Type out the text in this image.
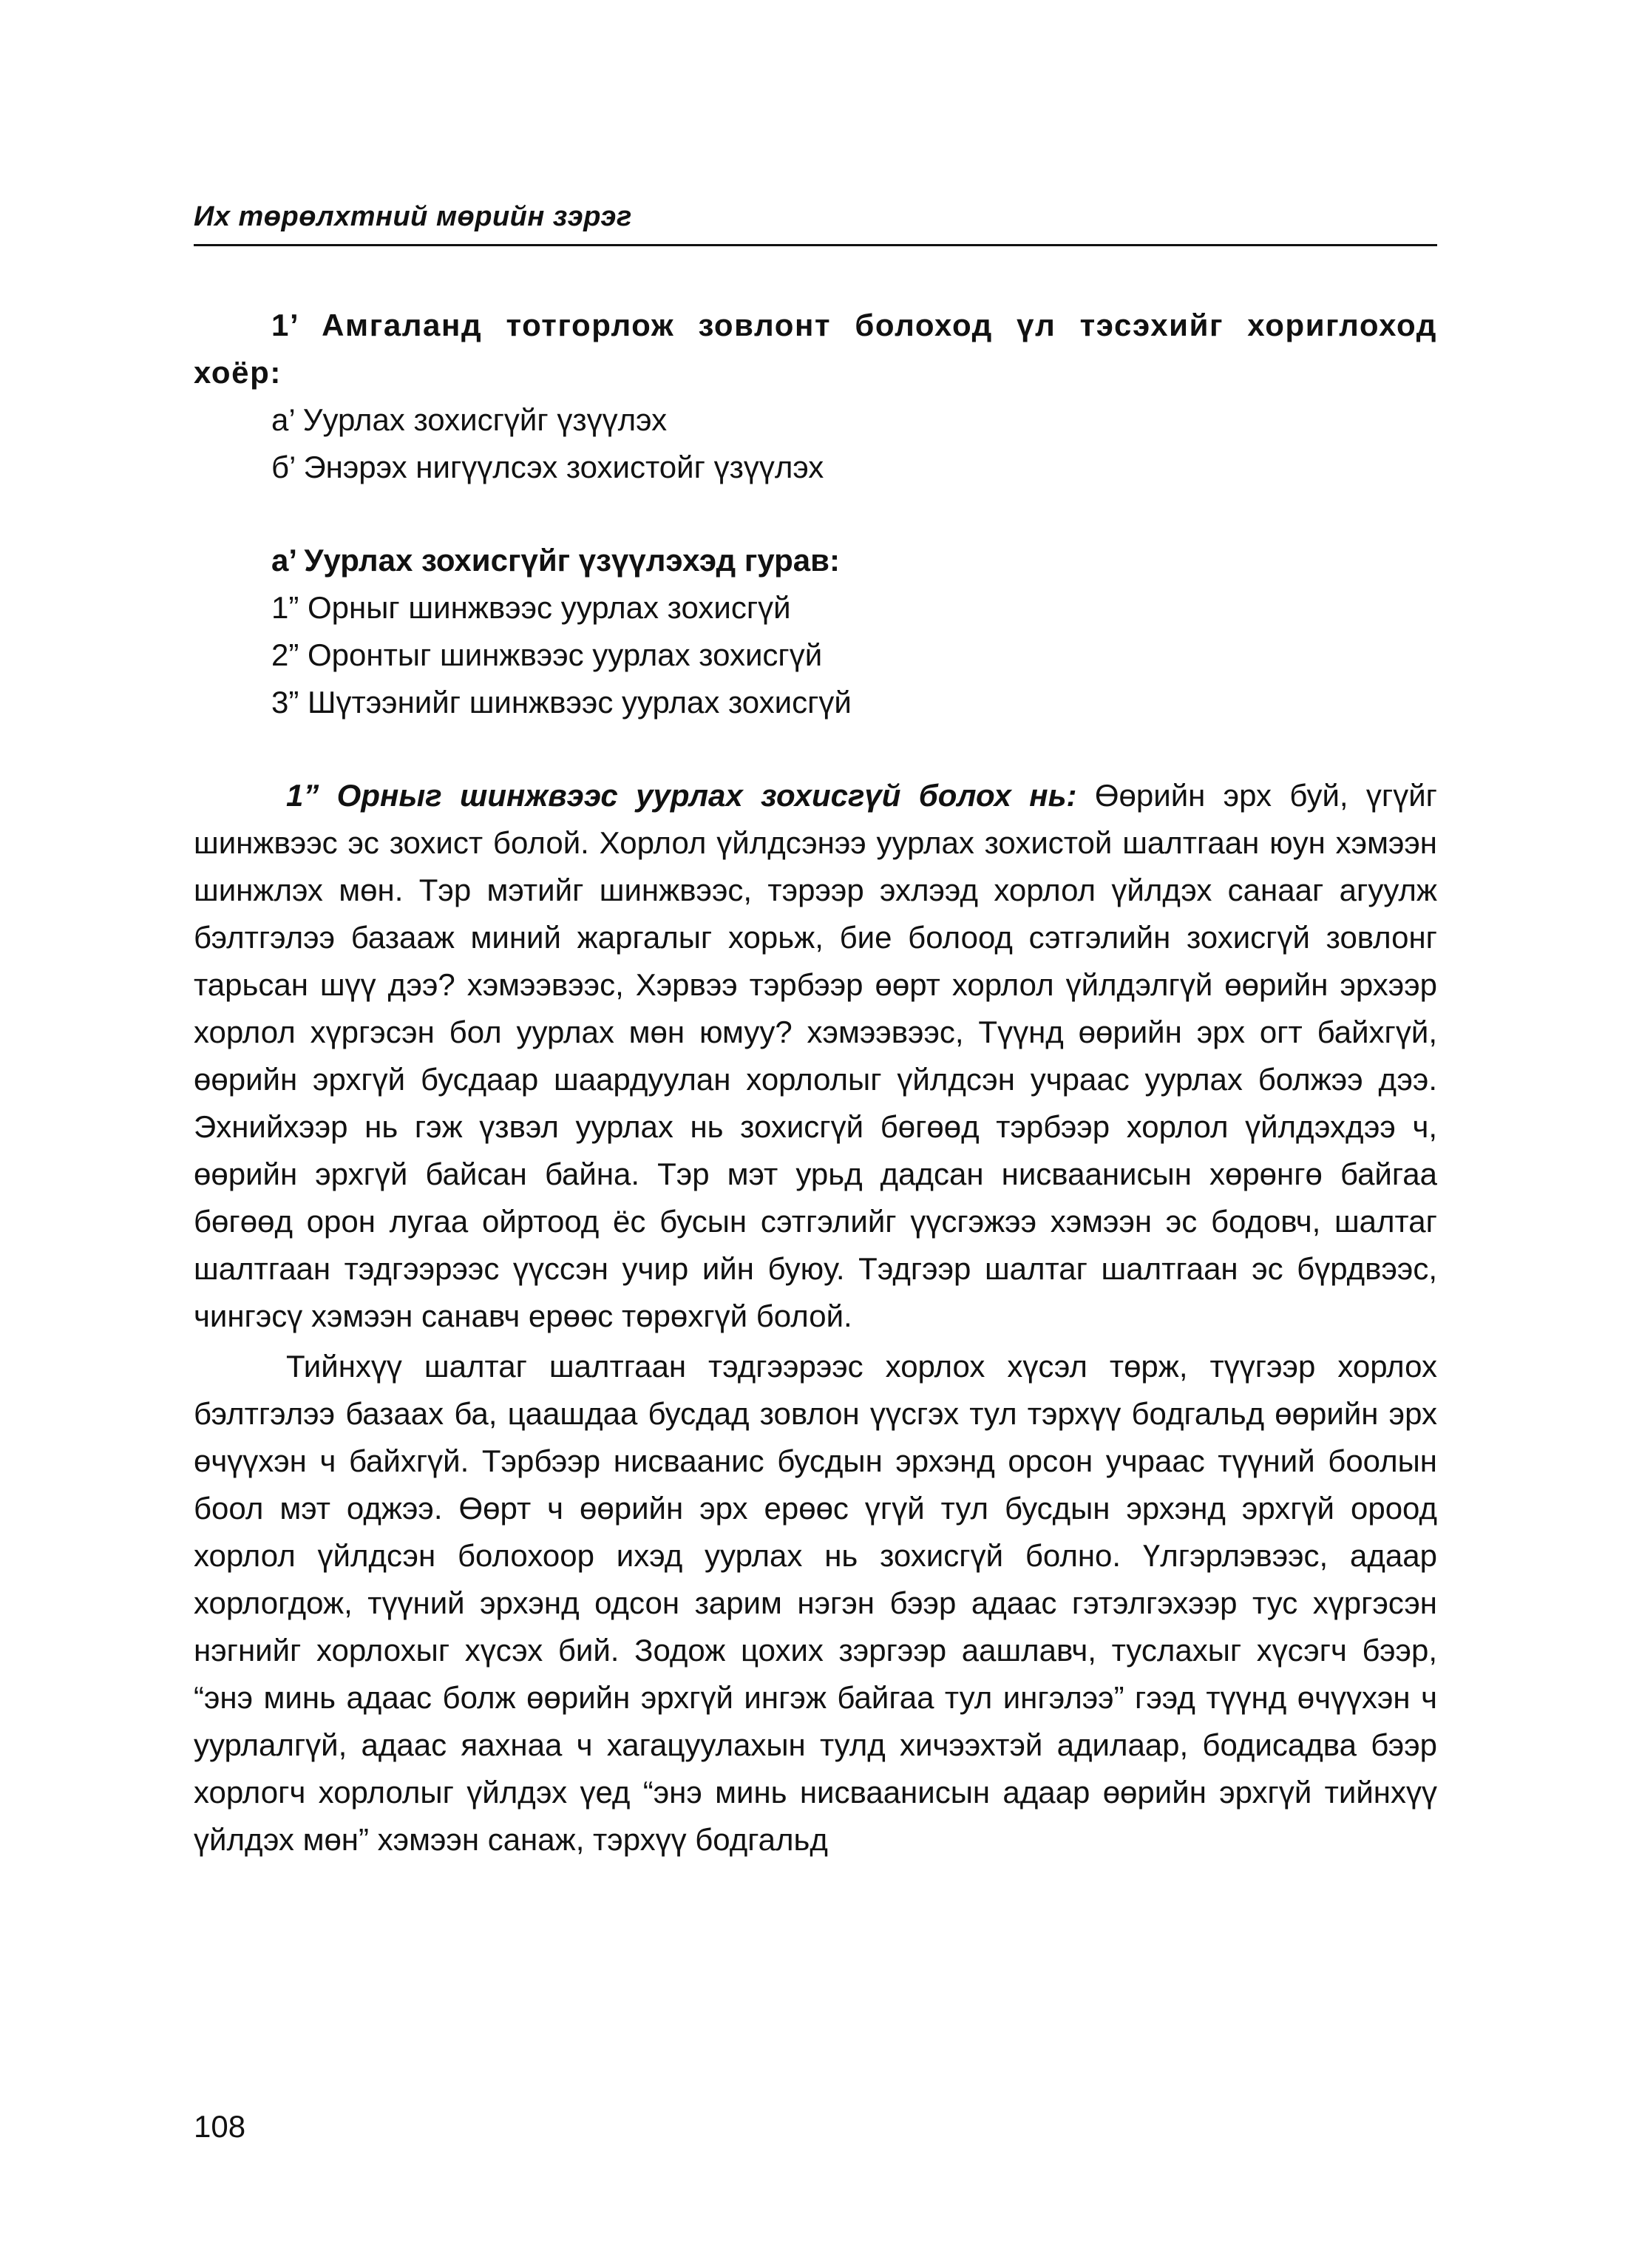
Их төрөлхтний мөрийн зэрэг

1’ Амгаланд тотгорлож зовлонт болоход үл тэсэхийг хориглоход хоёр:

а’ Уурлах зохисгүйг үзүүлэх
б’ Энэрэх нигүүлсэх зохистойг үзүүлэх

а’ Уурлах зохисгүйг үзүүлэхэд гурав:

1” Орныг шинжвээс уурлах зохисгүй
2” Оронтыг шинжвээс уурлах зохисгүй
3” Шүтээнийг шинжвээс уурлах зохисгүй

1” Орныг шинжвээс уурлах зохисгүй болох нь: Өөрийн эрх буй, үгүйг шинжвээс эс зохист болой. Хорлол үйлдсэнээ уурлах зохистой шалтгаан юун хэмээн шинжлэх мөн. Тэр мэтийг шинжвээс, тэрээр эхлээд хорлол үйлдэх санааг агуулж бэлтгэлээ базааж миний жаргалыг хорьж, бие болоод сэтгэлийн зохисгүй зовлонг тарьсан шүү дээ? хэмээвээс, Хэрвээ тэрбээр өөрт хорлол үйлдэлгүй өөрийн эрхээр хорлол хүргэсэн бол уурлах мөн юмуу? хэмээвээс, Түүнд өөрийн эрх огт байхгүй, өөрийн эрхгүй бусдаар шаардуулан хорлолыг үйлдсэн учраас уурлах болжээ дээ. Эхнийхээр нь гэж үзвэл уурлах нь зохисгүй бөгөөд тэрбээр хорлол үйлдэхдээ ч, өөрийн эрхгүй байсан байна. Тэр мэт урьд дадсан нисваанисын хөрөнгө байгаа бөгөөд орон лугаа ойртоод ёс бусын сэтгэлийг үүсгэжээ хэмээн эс бодовч, шалтаг шалтгаан тэдгээрээс үүссэн учир ийн буюу. Тэдгээр шалтаг шалтгаан эс бүрдвээс, чингэсү хэмээн санавч ерөөс төрөхгүй болой.

Тийнхүү шалтаг шалтгаан тэдгээрээс хорлох хүсэл төрж, түүгээр хорлох бэлтгэлээ базаах ба, цаашдаа бусдад зовлон үүсгэх тул тэрхүү бодгальд өөрийн эрх өчүүхэн ч байхгүй. Тэрбээр нисваанис бусдын эрхэнд орсон учраас түүний боолын боол мэт оджээ. Өөрт ч өөрийн эрх ерөөс үгүй тул бусдын эрхэнд эрхгүй ороод хорлол үйлдсэн болохоор ихэд уурлах нь зохисгүй болно. Үлгэрлэвээс, адаар хорлогдож, түүний эрхэнд одсон зарим нэгэн бээр адаас гэтэлгэхээр тус хүргэсэн нэгнийг хорлохыг хүсэх бий. Зодож цохих зэргээр аашлавч, туслахыг хүсэгч бээр, “энэ минь адаас болж өөрийн эрхгүй ингэж байгаа тул ингэлээ” гээд түүнд өчүүхэн ч уурлалгүй, адаас яахнаа ч хагацуулахын тулд хичээхтэй адилаар, бодисадва бээр хорлогч хорлолыг үйлдэх үед “энэ минь нисваанисын адаар өөрийн эрхгүй тийнхүү үйлдэх мөн” хэмээн санаж, тэрхүү бодгальд

108
